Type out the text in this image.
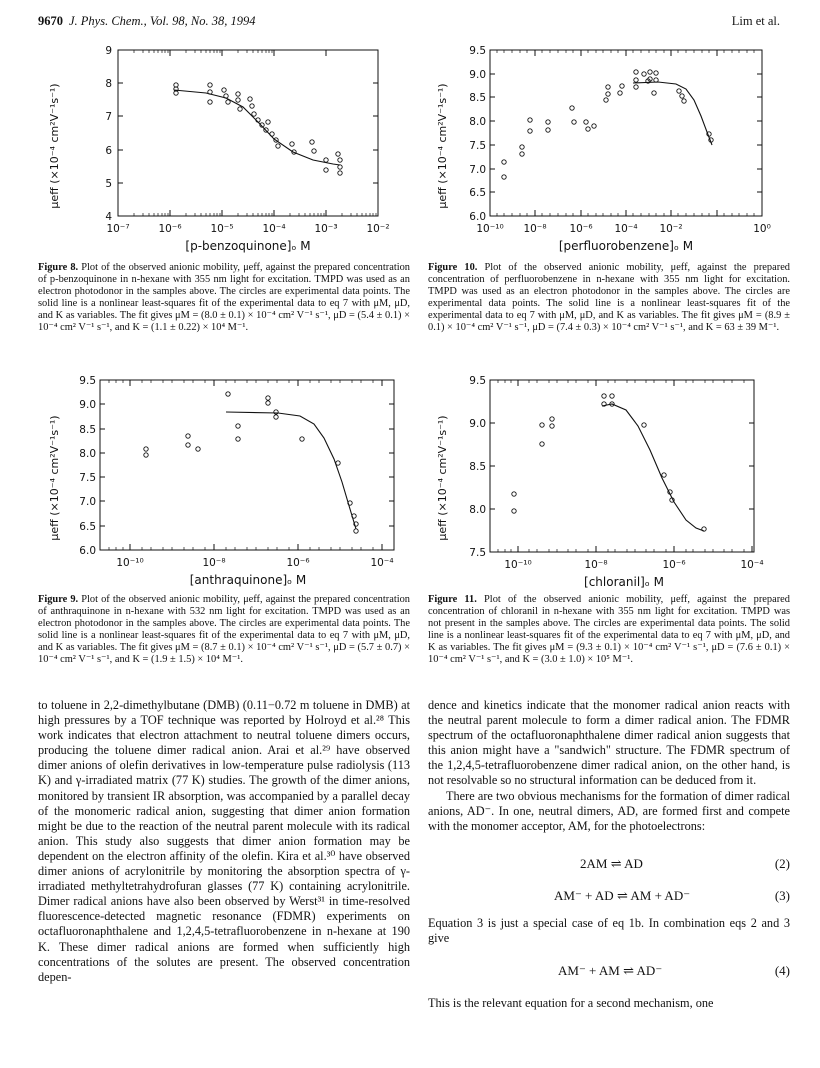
9670 J. Phys. Chem., Vol. 98, No. 38, 1994	Lim et al.
μeff (×10⁻⁴ cm²V⁻¹s⁻¹)
4
5
6
7
8
9
10⁻⁷	10⁻⁶	10⁻⁵	10⁻⁴	10⁻³	10⁻²
[p-benzoquinone]ₒ M
Figure 8. Plot of the observed anionic mobility, μeff, against the prepared concentration of p-benzoquinone in n-hexane with 355 nm light for excitation. TMPD was used as an electron photodonor in the samples above. The circles are experimental data points. The solid line is a nonlinear least-squares fit of the experimental data to eq 7 with μM, μD, and K as variables. The fit gives μM = (8.0 ± 0.1) × 10⁻⁴ cm² V⁻¹ s⁻¹, μD = (5.4 ± 0.1) × 10⁻⁴ cm² V⁻¹ s⁻¹, and K = (1.1 ± 0.22) × 10⁴ M⁻¹.
μeff (×10⁻⁴ cm²V⁻¹s⁻¹)
6.0
6.5
7.0
7.5
8.0
8.5
9.0
9.5
10⁻¹⁰ 10⁻⁸ 10⁻⁶ 10⁻⁴ 10⁻²	10⁰
[perfluorobenzene]ₒ M
Figure 10. Plot of the observed anionic mobility, μeff, against the prepared concentration of perfluorobenzene in n-hexane with 355 nm light for excitation. TMPD was used as an electron photodonor in the samples above. The circles are experimental data points. The solid line is a nonlinear least-squares fit of the experimental data to eq 7 with μM, μD, and K as variables. The fit gives μM = (8.9 ± 0.1) × 10⁻⁴ cm² V⁻¹ s⁻¹, μD = (7.4 ± 0.3) × 10⁻⁴ cm² V⁻¹ s⁻¹, and K = 63 ± 39 M⁻¹.
μeff (×10⁻⁴ cm²V⁻¹s⁻¹)
6.0
6.5
7.0
7.5
8.0
8.5
9.0
9.5
10⁻¹⁰	10⁻⁸	10⁻⁶	10⁻⁴
[anthraquinone]ₒ M
Figure 9. Plot of the observed anionic mobility, μeff, against the prepared concentration of anthraquinone in n-hexane with 532 nm light for excitation. TMPD was used as an electron photodonor in the samples above. The circles are experimental data points. The solid line is a nonlinear least-squares fit of the experimental data to eq 7 with μM, μD, and K as variables. The fit gives μM = (8.7 ± 0.1) × 10⁻⁴ cm² V⁻¹ s⁻¹, μD = (5.7 ± 0.7) × 10⁻⁴ cm² V⁻¹ s⁻¹, and K = (1.9 ± 1.5) × 10⁴ M⁻¹.
μeff (×10⁻⁴ cm²V⁻¹s⁻¹)
7.5
8.0
8.5
9.0
9.5
10⁻¹⁰	10⁻⁸	10⁻⁶	10⁻⁴
[chloranil]ₒ M
Figure 11. Plot of the observed anionic mobility, μeff, against the prepared concentration of chloranil in n-hexane with 355 nm light for excitation. TMPD was not present in the samples above. The circles are experimental data points. The solid line is a nonlinear least-squares fit of the experimental data to eq 7 with μM, μD, and K as variables. The fit gives μM = (9.3 ± 0.1) × 10⁻⁴ cm² V⁻¹ s⁻¹, μD = (7.6 ± 0.1) × 10⁻⁴ cm² V⁻¹ s⁻¹, and K = (3.0 ± 1.0) × 10⁵ M⁻¹.

to toluene in 2,2-dimethylbutane (DMB) (0.11−0.72 m toluene in DMB) at high pressures by a TOF technique was reported by Holroyd et al.²⁸ This work indicates that electron attachment to neutral toluene dimers occurs, producing the toluene dimer radical anion. Arai et al.²⁹ have observed dimer anions of olefin derivatives in low-temperature pulse radiolysis (113 K) and γ-irradiated matrix (77 K) studies. The growth of the dimer anions, monitored by transient IR absorption, was accompanied by a parallel decay of the monomeric radical anion, suggesting that dimer anion formation might be due to the reaction of the neutral parent molecule with its radical anion. This study also suggests that dimer anion formation may be dependent on the electron affinity of the olefin. Kira et al.³⁰ have observed dimer anions of acrylonitrile by monitoring the absorption spectra of γ-irradiated methyltetrahydrofuran glasses (77 K) containing acrylonitrile. Dimer radical anions have also been observed by Werst³¹ in time-resolved fluorescence-detected magnetic resonance (FDMR) experiments on octafluoronaphthalene and 1,2,4,5-tetrafluorobenzene in n-hexane at 190 K. These dimer radical anions are formed when sufficiently high concentrations of the solutes are present. The observed concentration depen-

dence and kinetics indicate that the monomer radical anion reacts with the neutral parent molecule to form a dimer radical anion. The FDMR spectrum of the octafluoronaphthalene dimer radical anion suggests that this anion might have a "sandwich" structure. The FDMR spectrum of the 1,2,4,5-tetrafluorobenzene dimer radical anion, on the other hand, is not resolvable so no structural information can be deduced from it.

There are two obvious mechanisms for the formation of dimer radical anions, AD⁻. In one, neutral dimers, AD, are formed first and compete with the monomer acceptor, AM, for the photoelectrons:

2AM ⇌ AD	(2)
AM⁻ + AD ⇌ AM + AD⁻	(3)

Equation 3 is just a special case of eq 1b. In combination eqs 2 and 3 give

AM⁻ + AM ⇌ AD⁻	(4)

This is the relevant equation for a second mechanism, one
